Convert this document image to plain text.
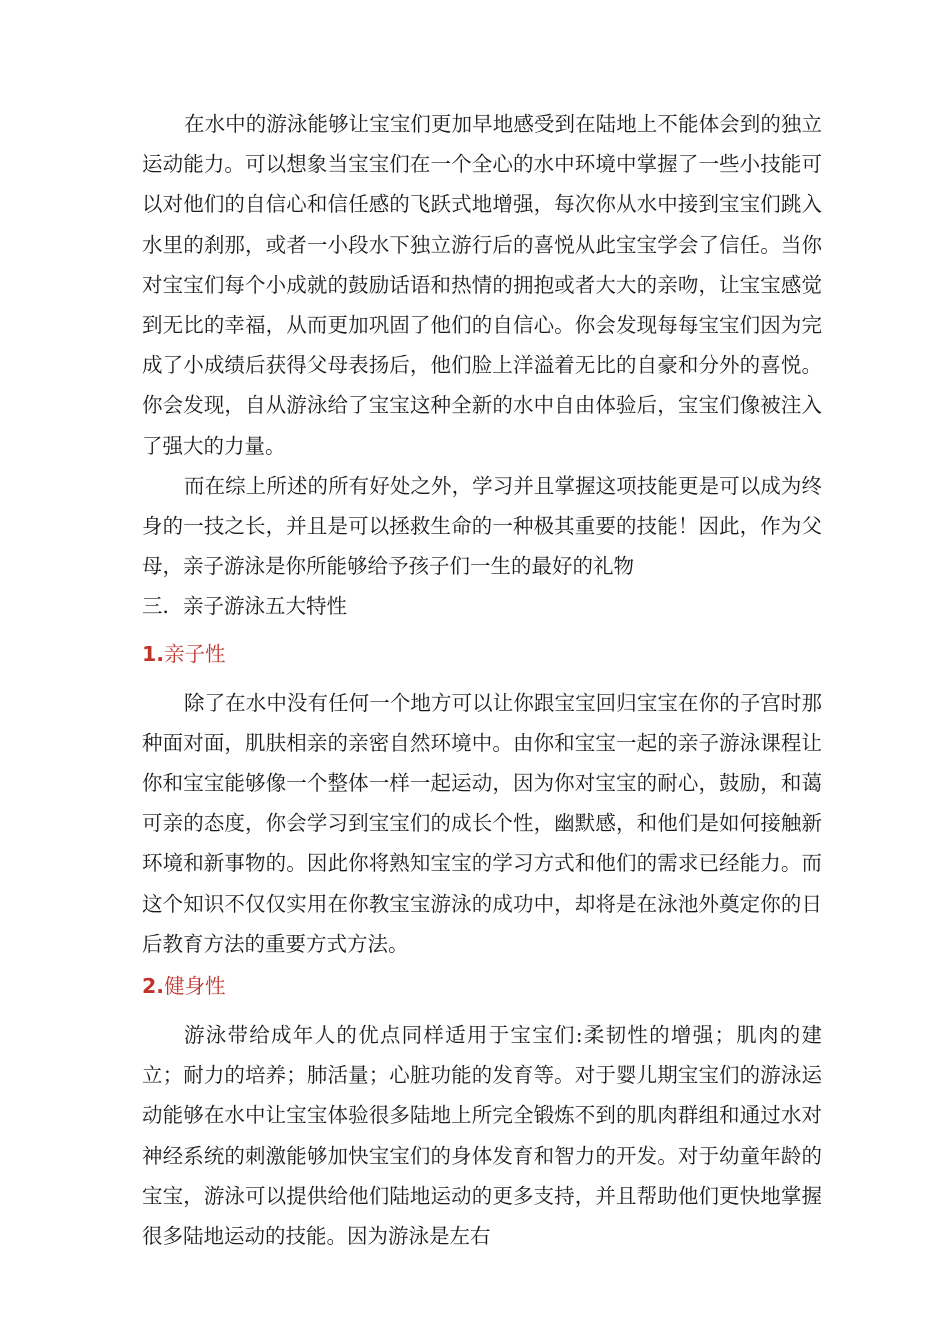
在水中的游泳能够让宝宝们更加早地感受到在陆地上不能体会到的独立运动能力。可以想象当宝宝们在一个全心的水中环境中掌握了一些小技能可以对他们的自信心和信任感的飞跃式地增强，每次你从水中接到宝宝们跳入水里的刹那，或者一小段水下独立游行后的喜悦从此宝宝学会了信任。当你对宝宝们每个小成就的鼓励话语和热情的拥抱或者大大的亲吻，让宝宝感觉到无比的幸福，从而更加巩固了他们的自信心。你会发现每每宝宝们因为完成了小成绩后获得父母表扬后，他们脸上洋溢着无比的自豪和分外的喜悦。你会发现，自从游泳给了宝宝这种全新的水中自由体验后，宝宝们像被注入了强大的力量。

而在综上所述的所有好处之外，学习并且掌握这项技能更是可以成为终身的一技之长，并且是可以拯救生命的一种极其重要的技能！因此，作为父母，亲子游泳是你所能够给予孩子们一生的最好的礼物

三．亲子游泳五大特性

1.亲子性

除了在水中没有任何一个地方可以让你跟宝宝回归宝宝在你的子宫时那种面对面，肌肤相亲的亲密自然环境中。由你和宝宝一起的亲子游泳课程让你和宝宝能够像一个整体一样一起运动，因为你对宝宝的耐心，鼓励，和蔼可亲的态度，你会学习到宝宝们的成长个性，幽默感，和他们是如何接触新环境和新事物的。因此你将熟知宝宝的学习方式和他们的需求已经能力。而这个知识不仅仅实用在你教宝宝游泳的成功中，却将是在泳池外奠定你的日后教育方法的重要方式方法。

2.健身性

游泳带给成年人的优点同样适用于宝宝们:柔韧性的增强；肌肉的建立；耐力的培养；肺活量；心脏功能的发育等。对于婴儿期宝宝们的游泳运动能够在水中让宝宝体验很多陆地上所完全锻炼不到的肌肉群组和通过水对神经系统的刺激能够加快宝宝们的身体发育和智力的开发。对于幼童年龄的宝宝，游泳可以提供给他们陆地运动的更多支持，并且帮助他们更快地掌握很多陆地运动的技能。因为游泳是左右
